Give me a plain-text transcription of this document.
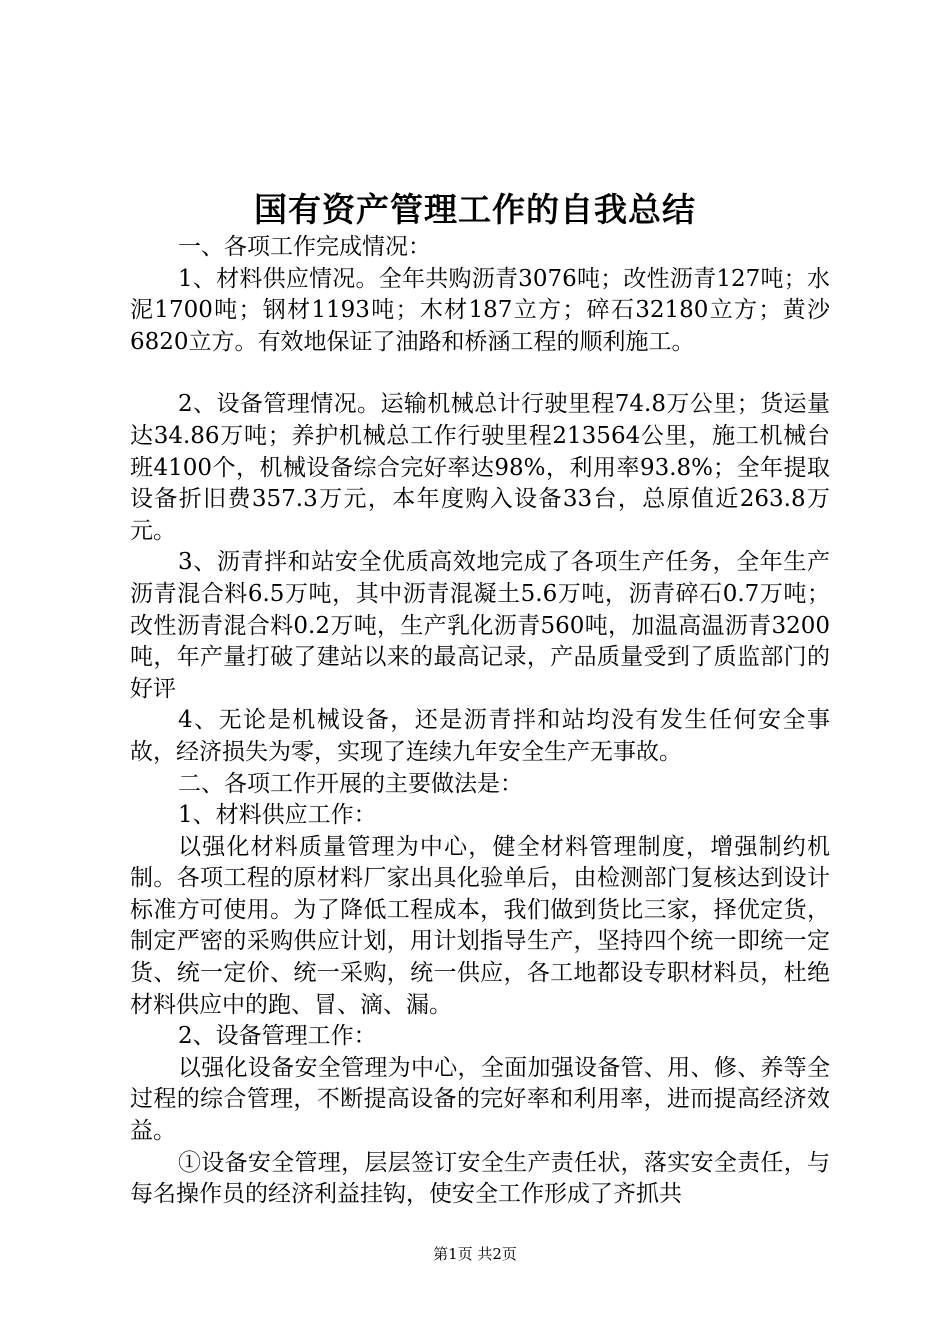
国有资产管理工作的自我总结

一、各项工作完成情况：

1、材料供应情况。全年共购沥青3076吨；改性沥青127吨；水泥1700吨；钢材1193吨；木材187立方；碎石32180立方；黄沙6820立方。有效地保证了油路和桥涵工程的顺利施工。

2、设备管理情况。运输机械总计行驶里程74.8万公里；货运量达34.86万吨；养护机械总工作行驶里程213564公里，施工机械台班4100个，机械设备综合完好率达98%，利用率93.8%；全年提取设备折旧费357.3万元，本年度购入设备33台，总原值近263.8万元。

3、沥青拌和站安全优质高效地完成了各项生产任务，全年生产沥青混合料6.5万吨，其中沥青混凝土5.6万吨，沥青碎石0.7万吨；改性沥青混合料0.2万吨，生产乳化沥青560吨，加温高温沥青3200吨，年产量打破了建站以来的最高记录，产品质量受到了质监部门的好评

4、无论是机械设备，还是沥青拌和站均没有发生任何安全事故，经济损失为零，实现了连续九年安全生产无事故。

二、各项工作开展的主要做法是：

1、材料供应工作：

以强化材料质量管理为中心，健全材料管理制度，增强制约机制。各项工程的原材料厂家出具化验单后，由检测部门复核达到设计标准方可使用。为了降低工程成本，我们做到货比三家，择优定货，制定严密的采购供应计划，用计划指导生产，坚持四个统一即统一定货、统一定价、统一采购，统一供应，各工地都设专职材料员，杜绝材料供应中的跑、冒、滴、漏。

2、设备管理工作：

以强化设备安全管理为中心，全面加强设备管、用、修、养等全过程的综合管理，不断提高设备的完好率和利用率，进而提高经济效益。

①设备安全管理，层层签订安全生产责任状，落实安全责任，与每名操作员的经济利益挂钩，使安全工作形成了齐抓共

第1页 共2页
